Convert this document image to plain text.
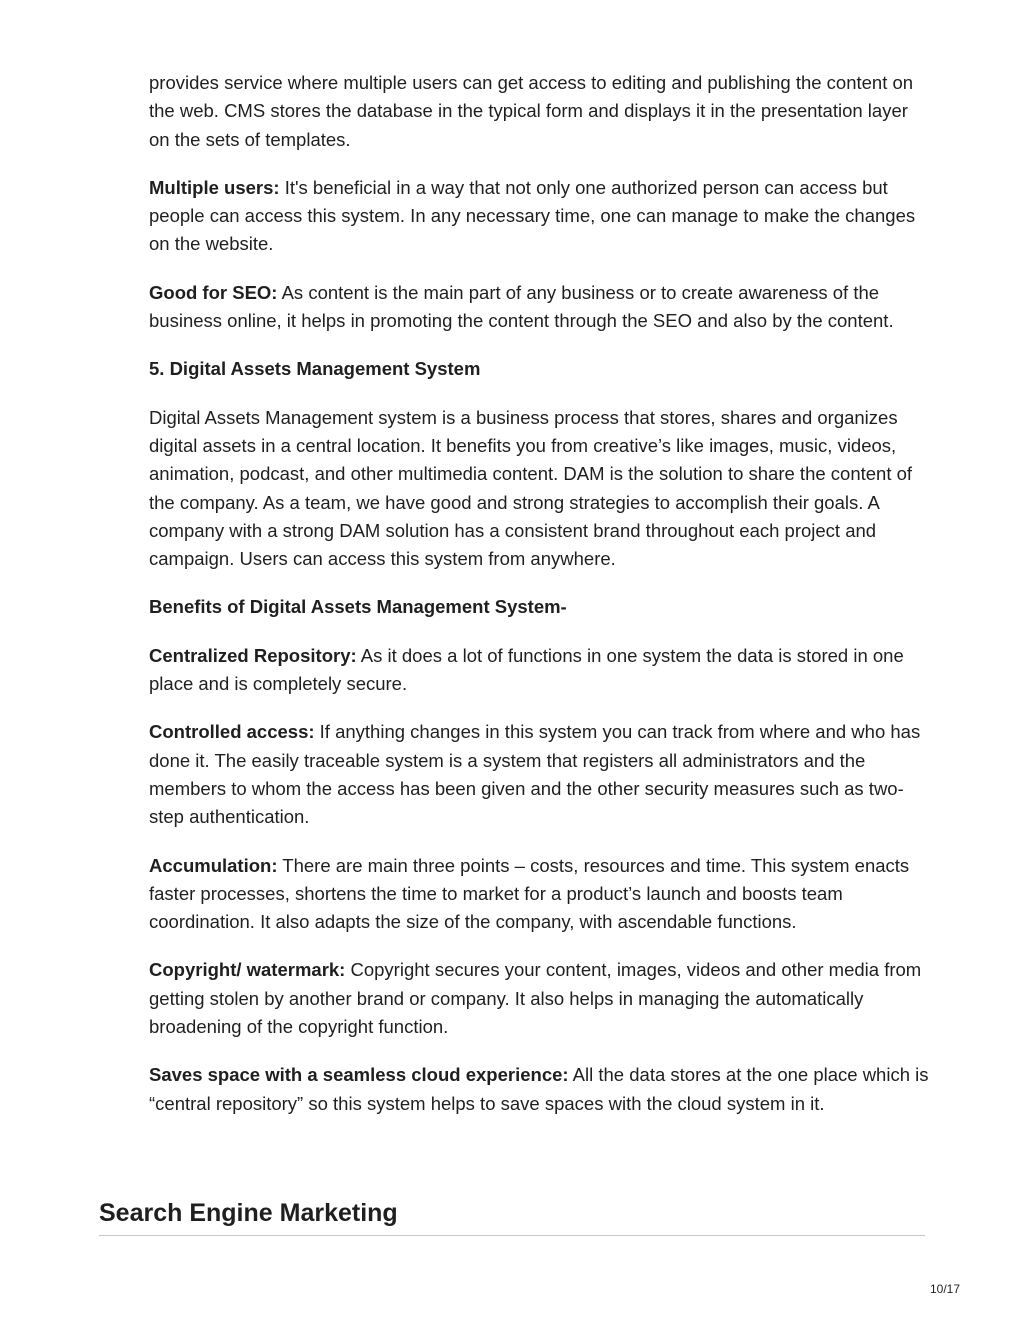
provides service where multiple users can get access to editing and publishing the content on the web. CMS stores the database in the typical form and displays it in the presentation layer on the sets of templates.

Multiple users: It's beneficial in a way that not only one authorized person can access but people can access this system. In any necessary time, one can manage to make the changes on the website.

Good for SEO: As content is the main part of any business or to create awareness of the business online, it helps in promoting the content through the SEO and also by the content.

5. Digital Assets Management System

Digital Assets Management system is a business process that stores, shares and organizes digital assets in a central location. It benefits you from creative’s like images, music, videos, animation, podcast, and other multimedia content. DAM is the solution to share the content of the company. As a team, we have good and strong strategies to accomplish their goals. A company with a strong DAM solution has a consistent brand throughout each project and campaign. Users can access this system from anywhere.

Benefits of Digital Assets Management System-

Centralized Repository: As it does a lot of functions in one system the data is stored in one place and is completely secure.

Controlled access: If anything changes in this system you can track from where and who has done it. The easily traceable system is a system that registers all administrators and the members to whom the access has been given and the other security measures such as two-step authentication.

Accumulation: There are main three points – costs, resources and time. This system enacts faster processes, shortens the time to market for a product’s launch and boosts team coordination. It also adapts the size of the company, with ascendable functions.

Copyright/ watermark: Copyright secures your content, images, videos and other media from getting stolen by another brand or company. It also helps in managing the automatically broadening of the copyright function.

Saves space with a seamless cloud experience: All the data stores at the one place which is “central repository” so this system helps to save spaces with the cloud system in it.

Search Engine Marketing
10/17
